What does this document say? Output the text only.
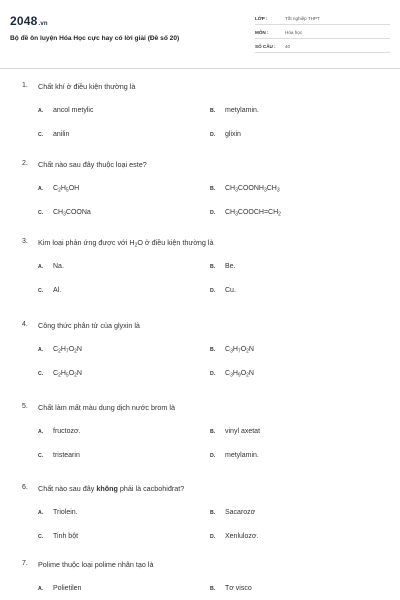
2048.vn
Bộ đề ôn luyện Hóa Học cực hay có lời giải (Đề số 20)
LỚP :	Tốt nghiệp THPT
MÔN :	Hóa học
SỐ CÂU : 40
1. Chất khí ở điều kiện thường là
A. ancol metylic	B. metylamin.
C. anilin	D. glixin
2. Chất nào sau đây thuộc loại este?
A. $C_2H_5OH$	B. $CH_3COONH_3CH_3$
C. $CH_3COONa$	D. $CH_3COOCH=CH_2$
3. Kim loại phản ứng được với $H_2O$ ở điều kiện thường là
A. Na.	B. Be.
C. Al.	D. Cu.
4. Công thức phân tử của glyxin là
A. $C_2H_7O_2N$	B. $C_3H_7O_2N$
C. $C_2H_5O_2N$	D. $C_3H_9O_2N$
5. Chất làm mất màu dung dịch nước brom là
A. fructozơ.	B. vinyl axetat
C. tristearin	D. metylamin.
6. Chất nào sau đây không phải là cacbohiđrat?
A. Triolein.	B. Sacarozơ
C. Tinh bột	D. Xenlulozơ.
7. Polime thuộc loại polime nhân tạo là
A. Polietilen	B. Tơ visco
